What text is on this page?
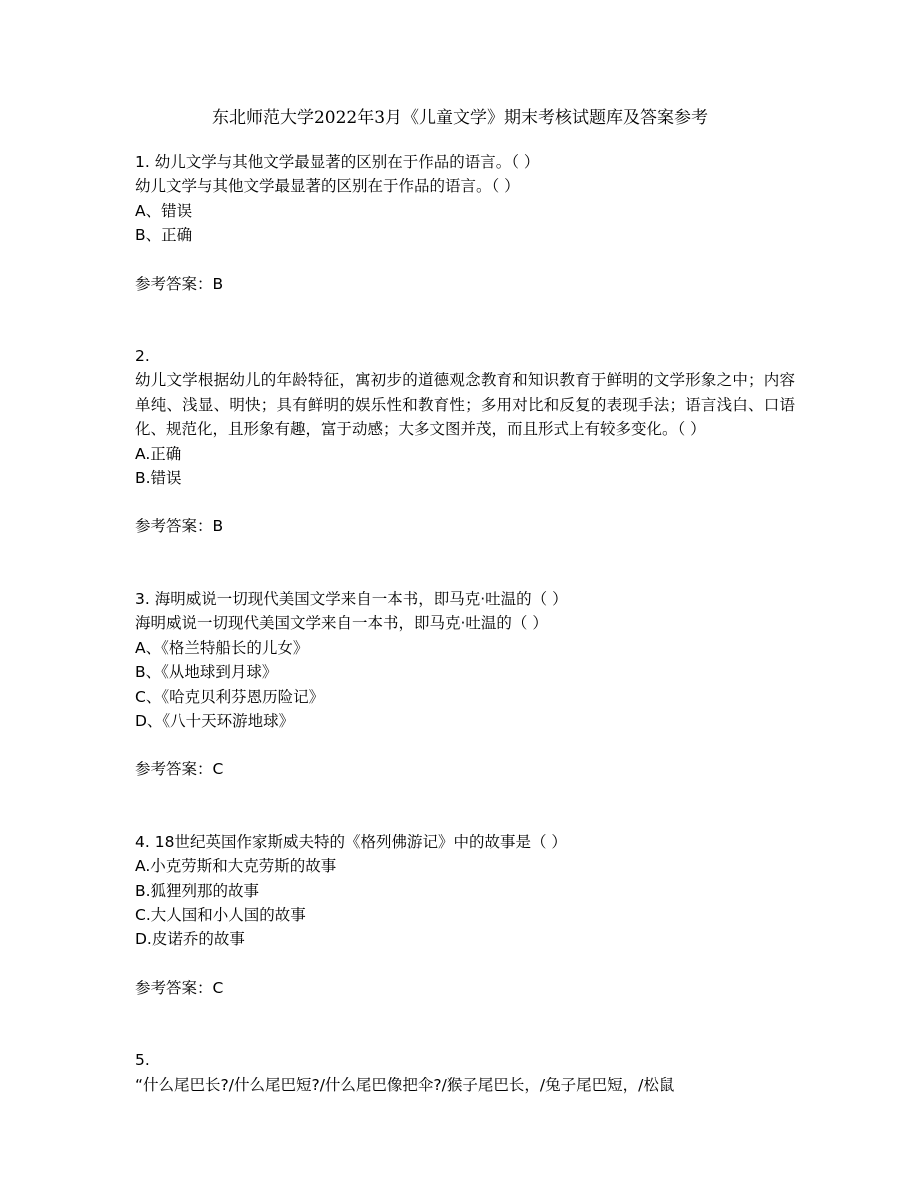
东北师范大学2022年3月《儿童文学》期末考核试题库及答案参考
1. 幼儿文学与其他文学最显著的区别在于作品的语言。（ ）
幼儿文学与其他文学最显著的区别在于作品的语言。（ ）
A、错误
B、正确
参考答案：B
2.
幼儿文学根据幼儿的年龄特征，寓初步的道德观念教育和知识教育于鲜明的文学形象之中；内容单纯、浅显、明快；具有鲜明的娱乐性和教育性；多用对比和反复的表现手法；语言浅白、口语化、规范化，且形象有趣，富于动感；大多文图并茂，而且形式上有较多变化。（ ）
A.正确
B.错误
参考答案：B
3. 海明威说一切现代美国文学来自一本书，即马克·吐温的（ ）
海明威说一切现代美国文学来自一本书，即马克·吐温的（ ）
A、《格兰特船长的儿女》
B、《从地球到月球》
C、《哈克贝利芬恩历险记》
D、《八十天环游地球》
参考答案：C
4. 18世纪英国作家斯威夫特的《格列佛游记》中的故事是（ ）
A.小克劳斯和大克劳斯的故事
B.狐狸列那的故事
C.大人国和小人国的故事
D.皮诺乔的故事
参考答案：C
5.
“什么尾巴长?/什么尾巴短?/什么尾巴像把伞?/猴子尾巴长，/兔子尾巴短，/松鼠
